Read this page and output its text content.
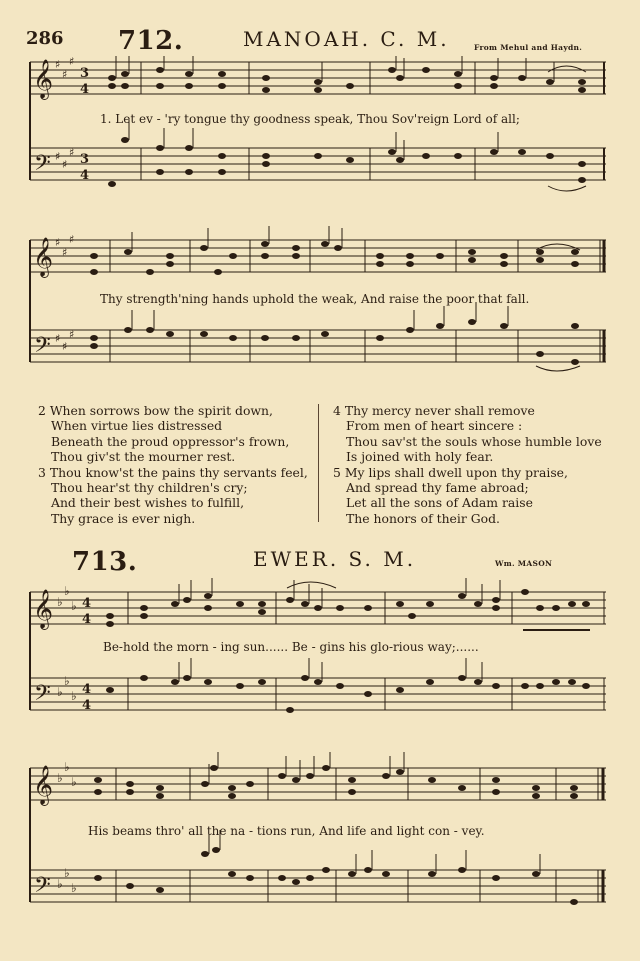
286 712.	MANOAH. C. M.	From Mehul and Haydn.
𝄞
𝄢
♯
♯
♯
♯
♯
♯
3
4
3
4
1. Let ev - 'ry tongue thy goodness speak, Thou Sov'reign Lord of all;
𝄞
𝄢
♯
♯
♯
♯
♯
♯
Thy strength'ning hands uphold the weak, And raise the poor that fall.
2 When sorrows bow the spirit down,
When virtue lies distressed
Beneath the proud oppressor's frown,
Thou giv'st the mourner rest.
3 Thou know'st the pains thy servants feel,
Thou hear'st thy children's cry;
And their best wishes to fulfill,
Thy grace is ever nigh.
4 Thy mercy never shall remove
From men of heart sincere :
Thou sav'st the souls whose humble love
Is joined with holy fear.
5 My lips shall dwell upon thy praise,
And spread thy fame abroad;
Let all the sons of Adam raise
The honors of their God.
713.	EWER. S. M.	Wm. MASON
𝄞
𝄢
♭
♭
♭
♭
♭
♭
4
4
4
4
Be-hold the morn - ing sun...... Be - gins his glo-rious way;......
𝄞
𝄢
♭
♭
♭
♭
♭
♭
His beams thro' all the na - tions run, And life and light con - vey.
